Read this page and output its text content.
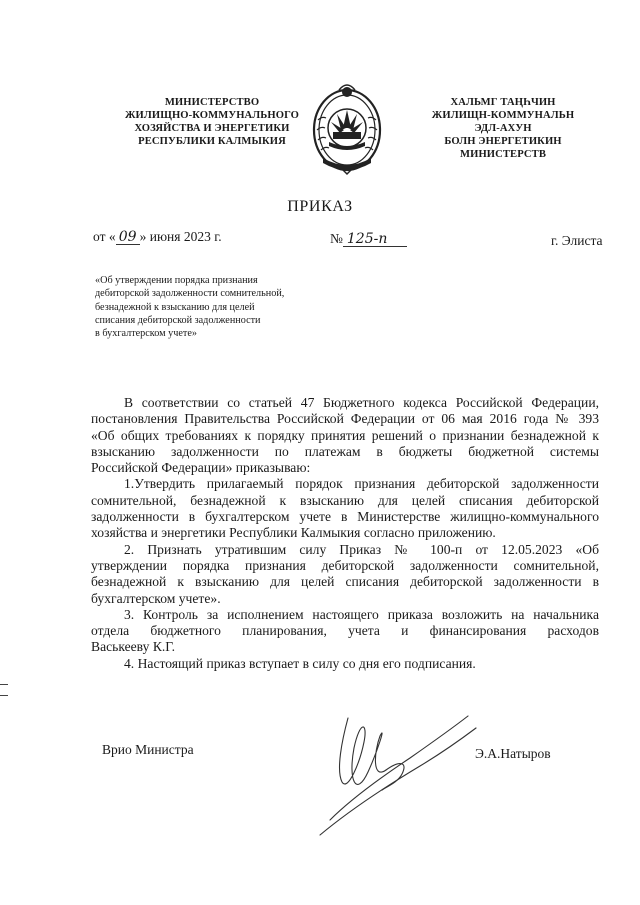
МИНИСТЕРСТВО
ЖИЛИЩНО-КОММУНАЛЬНОГО
ХОЗЯЙСТВА И ЭНЕРГЕТИКИ
РЕСПУБЛИКИ КАЛМЫКИЯ
ХАЛЬМГ ТАҢҺЧИН
ЖИЛИЩН-КОММУНАЛЬН
ЭДЛ-АХУН
БОЛН ЭНЕРГЕТИКИН
МИНИСТЕРСТВ
ПРИКАЗ
от « 09 » июня 2023 г.	№ 125-п	г. Элиста
«Об утверждении порядка признания
дебиторской задолженности сомнительной,
безнадежной к взысканию для целей
списания дебиторской задолженности
в бухгалтерском учете»

В соответствии со статьей 47 Бюджетного кодекса Российской Федерации,
постановления Правительства Российской Федерации от 06 мая 2016 года № 393
«Об общих требованиях к порядку принятия решений о признании безнадежной к
взысканию задолженности по платежам в бюджеты бюджетной системы
Российской Федерации» приказываю:

1.Утвердить прилагаемый порядок признания дебиторской задолженности
сомнительной, безнадежной к взысканию для целей списания дебиторской
задолженности в бухгалтерском учете в Министерстве жилищно-коммунального
хозяйства и энергетики Республики Калмыкия согласно приложению.

2. Признать утратившим силу Приказ № 100-п от 12.05.2023 «Об
утверждении порядка признания дебиторской задолженности сомнительной,
безнадежной к взысканию для целей списания дебиторской задолженности в
бухгалтерском учете».

3. Контроль за исполнением настоящего приказа возложить на начальника
отдела бюджетного планирования, учета и финансирования расходов
Васькееву К.Г.

4. Настоящий приказ вступает в силу со дня его подписания.

Врио Министра	Э.А.Натыров
